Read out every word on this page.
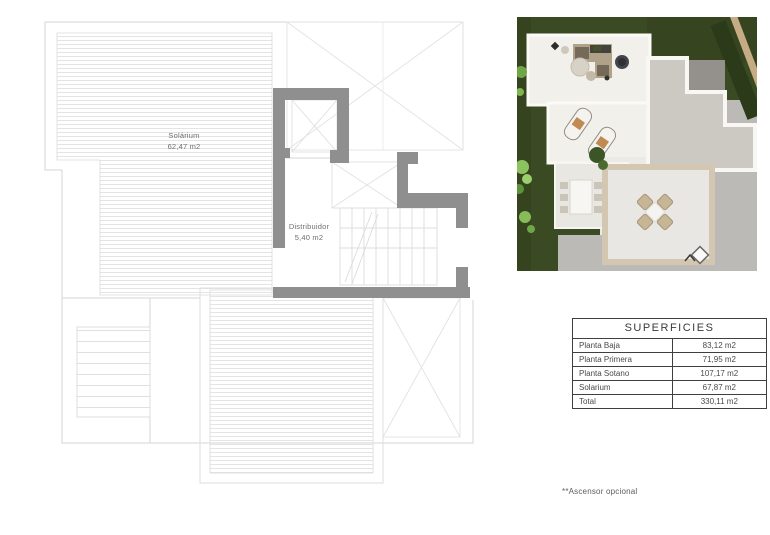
Solárium
62,47 m2
Distribuidor
5,40 m2
SUPERFICIES
Planta Baja	83,12 m2
Planta Primera	71,95 m2
Planta Sotano	107,17 m2
Solarium	67,87 m2
Total	330,11 m2
**Ascensor opcional
